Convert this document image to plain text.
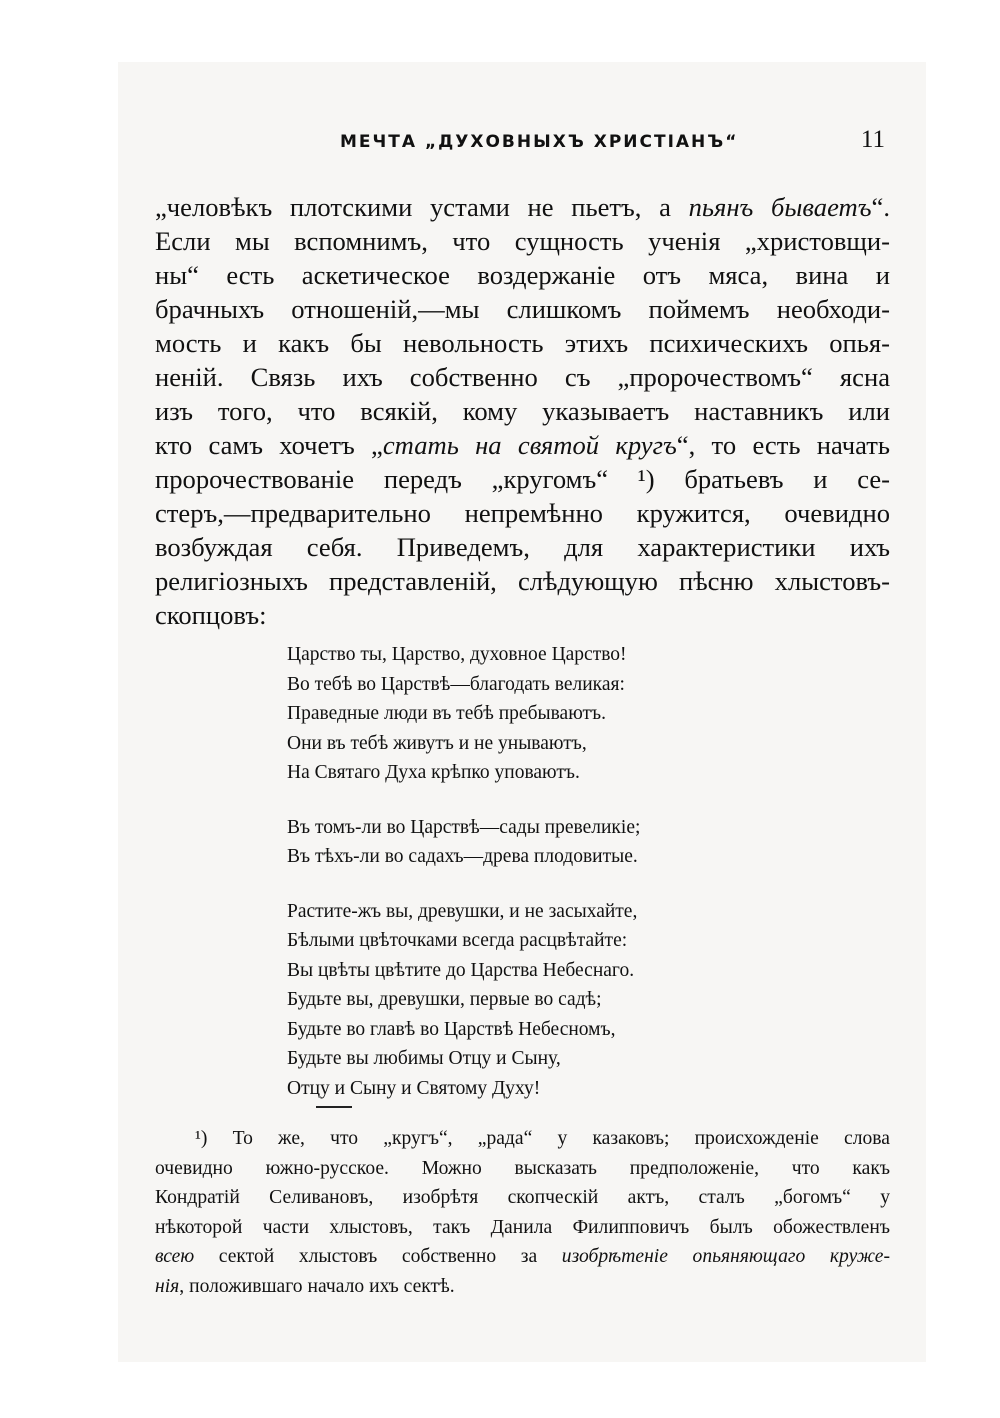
МЕЧТА „ДУХОВНЫХЪ ХРИСТІАНЪ“	11
„человѣкъ плотскими устами не пьетъ, а пьянъ бываетъ“.
Если мы вспомнимъ, что сущность ученія „христовщи-
ны“ есть аскетическое воздержаніе отъ мяса, вина и
брачныхъ отношеній,—мы слишкомъ поймемъ необходи-
мость и какъ бы невольность этихъ психическихъ опья-
неній. Связь ихъ собственно съ „пророчествомъ“ ясна
изъ того, что всякій, кому указываетъ наставникъ или
кто самъ хочетъ „стать на святой кругъ“, то есть начать
пророчествованіе передъ „кругомъ“ ¹) братьевъ и се-
стеръ,—предварительно непремѣнно кружится, очевидно
возбуждая себя. Приведемъ, для характеристики ихъ
религіозныхъ представленій, слѣдующую пѣсню хлыстовъ-
скопцовъ:
Царство ты, Царство, духовное Царство!
Во тебѣ во Царствѣ—благодать великая:
Праведные люди въ тебѣ пребываютъ.
Они въ тебѣ живутъ и не унываютъ,
На Святаго Духа крѣпко уповаютъ.
Въ томъ-ли во Царствѣ—сады превеликіе;
Въ тѣхъ-ли во садахъ—древа плодовитые.
Растите-жъ вы, древушки, и не засыхайте,
Бѣлыми цвѣточками всегда расцвѣтайте:
Вы цвѣты цвѣтите до Царства Небеснаго.
Будьте вы, древушки, первые во садѣ;
Будьте во главѣ во Царствѣ Небесномъ,
Будьте вы любимы Отцу и Сыну,
Отцу и Сыну и Святому Духу!
¹) То же, что „кругъ“, „рада“ у казаковъ; происхожденіе слова
очевидно южно-русское. Можно высказать предположеніе, что какъ
Кондратій Селивановъ, изобрѣтя скопческій актъ, сталъ „богомъ“ у
нѣкоторой части хлыстовъ, такъ Данила Филипповичъ былъ обожествленъ
всею сектой хлыстовъ собственно за изобрѣтеніе опьяняющаго круже-
нія, положившаго начало ихъ сектѣ.
